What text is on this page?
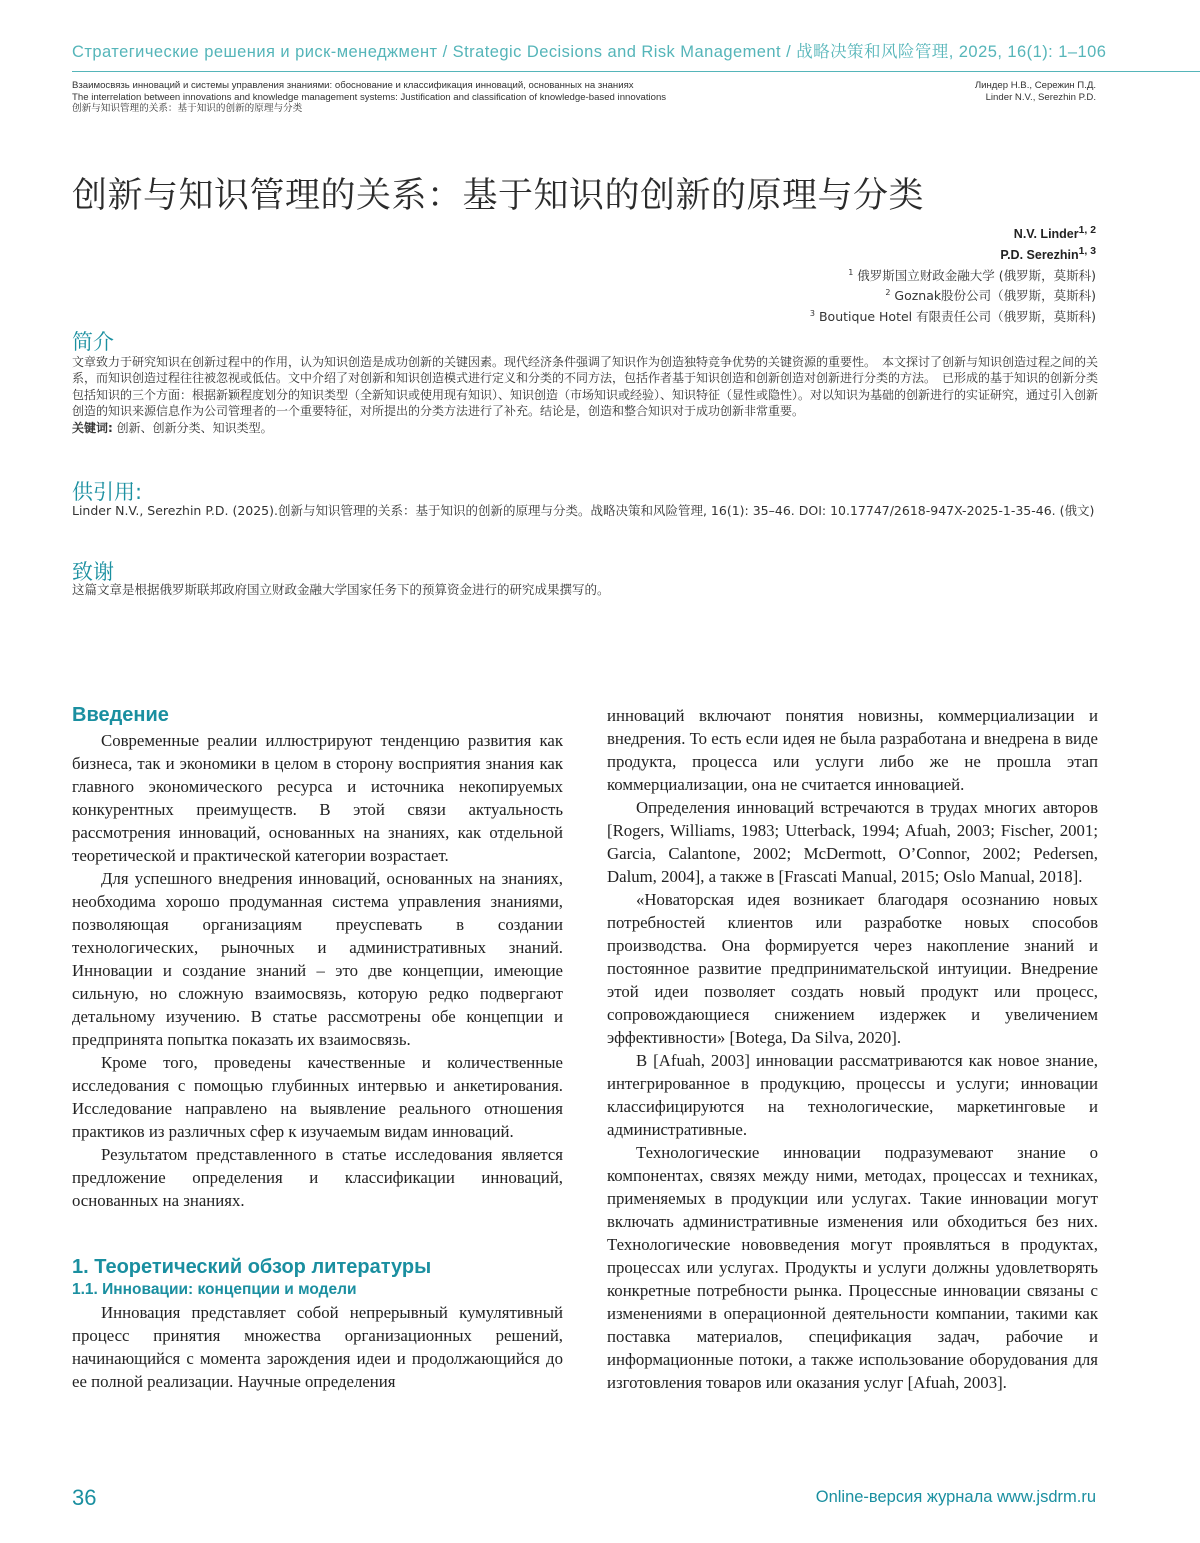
Стратегические решения и риск-менеджмент / Strategic Decisions and Risk Management / 战略决策和风险管理, 2025, 16(1): 1–106
Взаимосвязь инноваций и системы управления знаниями: обоснование и классификация инноваций, основанных на знаниях
The interrelation between innovations and knowledge management systems: Justification and classification of knowledge-based innovations
创新与知识管理的关系：基于知识的创新的原理与分类
Линдер Н.В., Сережин П.Д.
Linder N.V., Serezhin P.D.
创新与知识管理的关系：基于知识的创新的原理与分类
N.V. Linder$^{1, 2}$
P.D. Serezhin$^{1, 3}$
$^1$ 俄罗斯国立财政金融大学 (俄罗斯，莫斯科)
$^2$ Goznak股份公司（俄罗斯，莫斯科)
$^3$ Boutique Hotel 有限责任公司（俄罗斯，莫斯科)
简介
文章致力于研究知识在创新过程中的作用，认为知识创造是成功创新的关键因素。现代经济条件强调了知识作为创造独特竞争优势的关键资源的重要性。　本文探讨了创新与知识创造过程之间的关系，而知识创造过程往往被忽视或低估。文中介绍了对创新和知识创造模式进行定义和分类的不同方法，包括作者基于知识创造和创新创造对创新进行分类的方法。　已形成的基于知识的创新分类包括知识的三个方面：根据新颖程度划分的知识类型（全新知识或使用现有知识）、知识创造（市场知识或经验）、知识特征（显性或隐性）。对以知识为基础的创新进行的实证研究，通过引入创新创造的知识来源信息作为公司管理者的一个重要特征，对所提出的分类方法进行了补充。结论是，创造和整合知识对于成功创新非常重要。
关键词: 创新、创新分类、知识类型。
供引用:
Linder N.V., Serezhin P.D. (2025).创新与知识管理的关系：基于知识的创新的原理与分类。战略决策和风险管理, 16(1): 35–46. DOI: 10.17747/2618-947X-2025-1-35-46. (俄文)
致谢
这篇文章是根据俄罗斯联邦政府国立财政金融大学国家任务下的预算资金进行的研究成果撰写的。
Введение

Современные реалии иллюстрируют тенденцию развития как бизнеса, так и экономики в целом в сторону восприятия знания как главного экономического ресурса и источника некопируемых конкурентных преимуществ. В этой связи актуальность рассмотрения инноваций, основанных на знаниях, как отдельной теоретической и практической категории возрастает.

Для успешного внедрения инноваций, основанных на знаниях, необходима хорошо продуманная система управления знаниями, позволяющая организациям преуспевать в создании технологических, рыночных и административных знаний. Инновации и создание знаний – это две концепции, имеющие сильную, но сложную взаимосвязь, которую редко подвергают детальному изучению. В статье рассмотрены обе концепции и предпринята попытка показать их взаимосвязь.

Кроме того, проведены качественные и количественные исследования с помощью глубинных интервью и анкетирования. Исследование направлено на выявление реального отношения практиков из различных сфер к изучаемым видам инноваций.

Результатом представленного в статье исследования является предложение определения и классификации инноваций, основанных на знаниях.

1. Теоретический обзор литературы
1.1. Инновации: концепции и модели

Инновация представляет собой непрерывный кумулятивный процесс принятия множества организационных решений, начинающийся с момента зарождения идеи и продолжающийся до ее полной реализации. Научные определения

инноваций включают понятия новизны, коммерциализации и внедрения. То есть если идея не была разработана и внедрена в виде продукта, процесса или услуги либо же не прошла этап коммерциализации, она не считается инновацией.

Определения инноваций встречаются в трудах многих авторов [Rogers, Williams, 1983; Utterback, 1994; Afuah, 2003; Fischer, 2001; Garcia, Calantone, 2002; McDermott, O’Connor, 2002; Pedersen, Dalum, 2004], а также в [Frascati Manual, 2015; Oslo Manual, 2018].

«Новаторская идея возникает благодаря осознанию новых потребностей клиентов или разработке новых способов производства. Она формируется через накопление знаний и постоянное развитие предпринимательской интуиции. Внедрение этой идеи позволяет создать новый продукт или процесс, сопровождающиеся снижением издержек и увеличением эффективности» [Botega, Da Silva, 2020].

В [Afuah, 2003] инновации рассматриваются как новое знание, интегрированное в продукцию, процессы и услуги; инновации классифицируются на технологические, маркетинговые и административные.

Технологические инновации подразумевают знание о компонентах, связях между ними, методах, процессах и техниках, применяемых в продукции или услугах. Такие инновации могут включать административные изменения или обходиться без них. Технологические нововведения могут проявляться в продуктах, процессах или услугах. Продукты и услуги должны удовлетворять конкретные потребности рынка. Процессные инновации связаны с изменениями в операционной деятельности компании, такими как поставка материалов, спецификация задач, рабочие и информационные потоки, а также использование оборудования для изготовления товаров или оказания услуг [Afuah, 2003].

36	Online-версия журнала www.jsdrm.ru
